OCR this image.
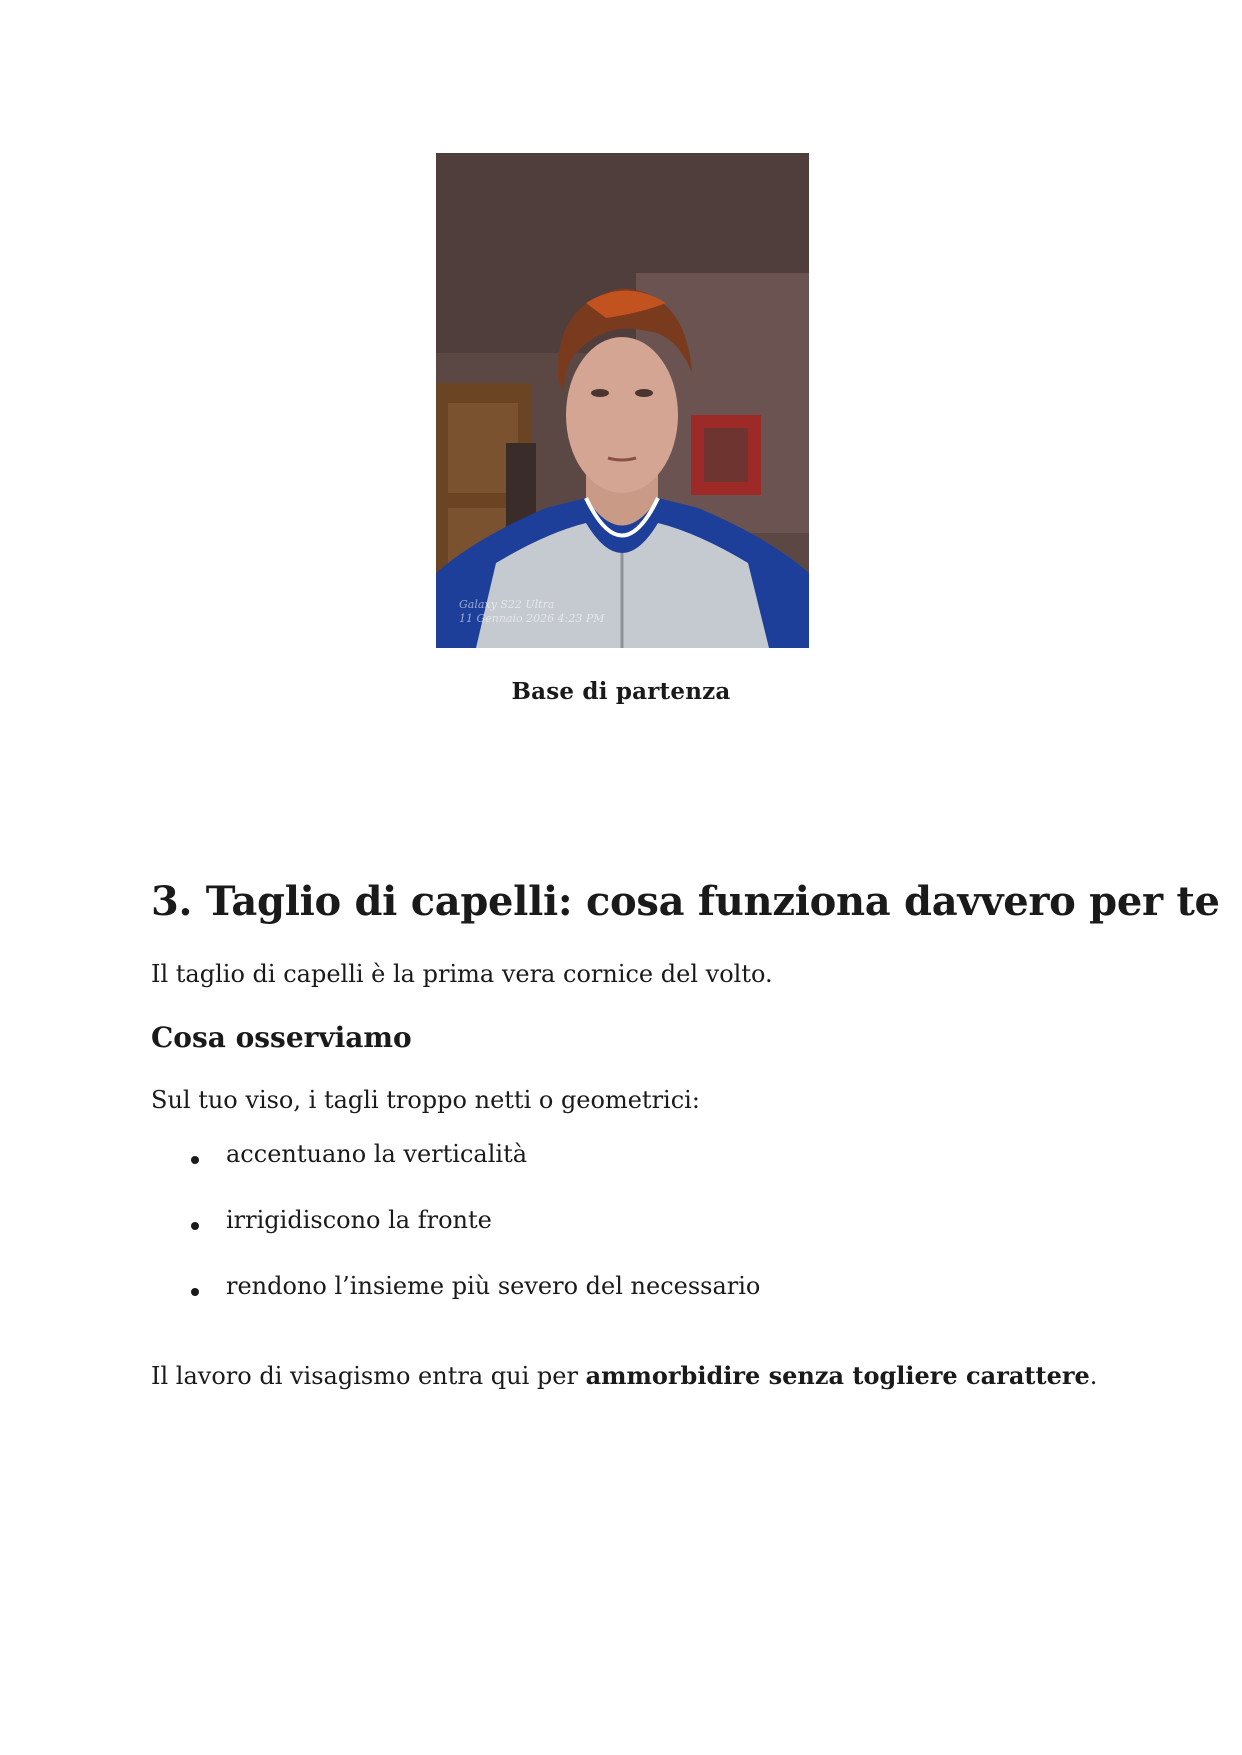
Galaxy S22 Ultra
11 Gennaio 2026 4:23 PM
Base di partenza
3. Taglio di capelli: cosa funziona davvero per te
Il taglio di capelli è la prima vera cornice del volto.
Cosa osserviamo
Sul tuo viso, i tagli troppo netti o geometrici:
accentuano la verticalità
irrigidiscono la fronte
rendono l’insieme più severo del necessario
Il lavoro di visagismo entra qui per ammorbidire senza togliere carattere.
